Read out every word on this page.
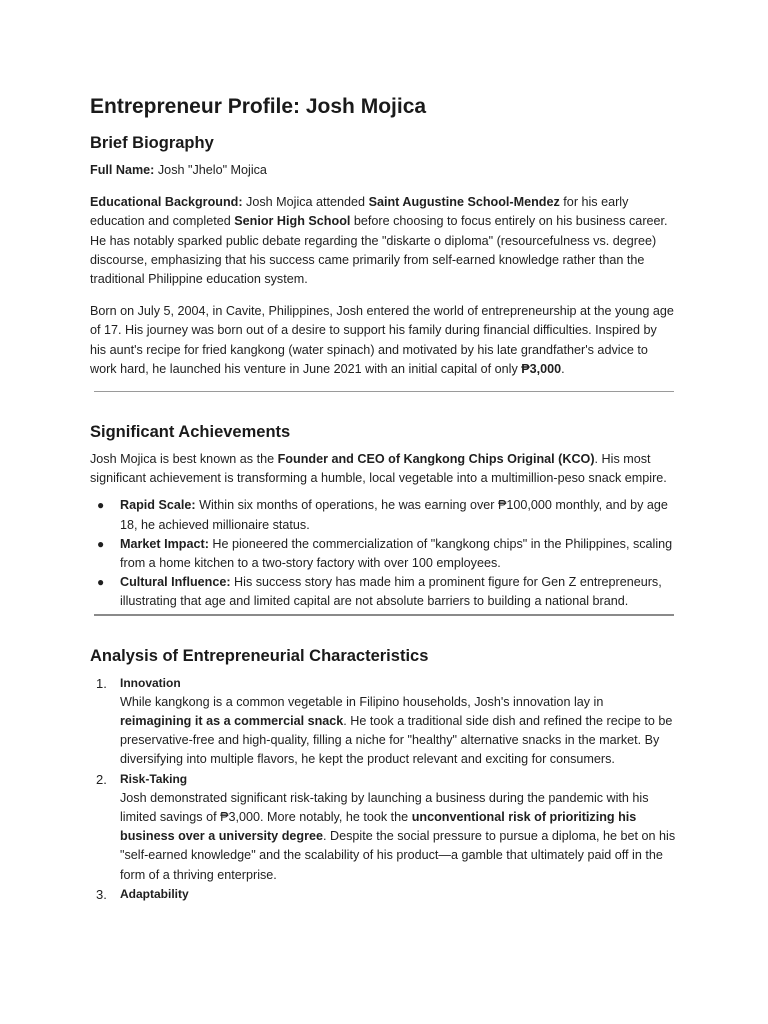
Entrepreneur Profile: Josh Mojica
Brief Biography

Full Name: Josh "Jhelo" Mojica

Educational Background: Josh Mojica attended Saint Augustine School-Mendez for his early education and completed Senior High School before choosing to focus entirely on his business career. He has notably sparked public debate regarding the "diskarte o diploma" (resourcefulness vs. degree) discourse, emphasizing that his success came primarily from self-earned knowledge rather than the traditional Philippine education system.

Born on July 5, 2004, in Cavite, Philippines, Josh entered the world of entrepreneurship at the young age of 17. His journey was born out of a desire to support his family during financial difficulties. Inspired by his aunt's recipe for fried kangkong (water spinach) and motivated by his late grandfather's advice to work hard, he launched his venture in June 2021 with an initial capital of only ₱3,000.

Significant Achievements

Josh Mojica is best known as the Founder and CEO of Kangkong Chips Original (KCO). His most significant achievement is transforming a humble, local vegetable into a multimillion-peso snack empire.

● Rapid Scale: Within six months of operations, he was earning over ₱100,000 monthly, and by age 18, he achieved millionaire status.
● Market Impact: He pioneered the commercialization of "kangkong chips" in the Philippines, scaling from a home kitchen to a two-story factory with over 100 employees.
● Cultural Influence: His success story has made him a prominent figure for Gen Z entrepreneurs, illustrating that age and limited capital are not absolute barriers to building a national brand.
Analysis of Entrepreneurial Characteristics
1. Innovation
While kangkong is a common vegetable in Filipino households, Josh's innovation lay in reimagining it as a commercial snack. He took a traditional side dish and refined the recipe to be preservative-free and high-quality, filling a niche for "healthy" alternative snacks in the market. By diversifying into multiple flavors, he kept the product relevant and exciting for consumers.
2. Risk-Taking
Josh demonstrated significant risk-taking by launching a business during the pandemic with his limited savings of ₱3,000. More notably, he took the unconventional risk of prioritizing his business over a university degree. Despite the social pressure to pursue a diploma, he bet on his "self-earned knowledge" and the scalability of his product—a gamble that ultimately paid off in the form of a thriving enterprise.
3. Adaptability
